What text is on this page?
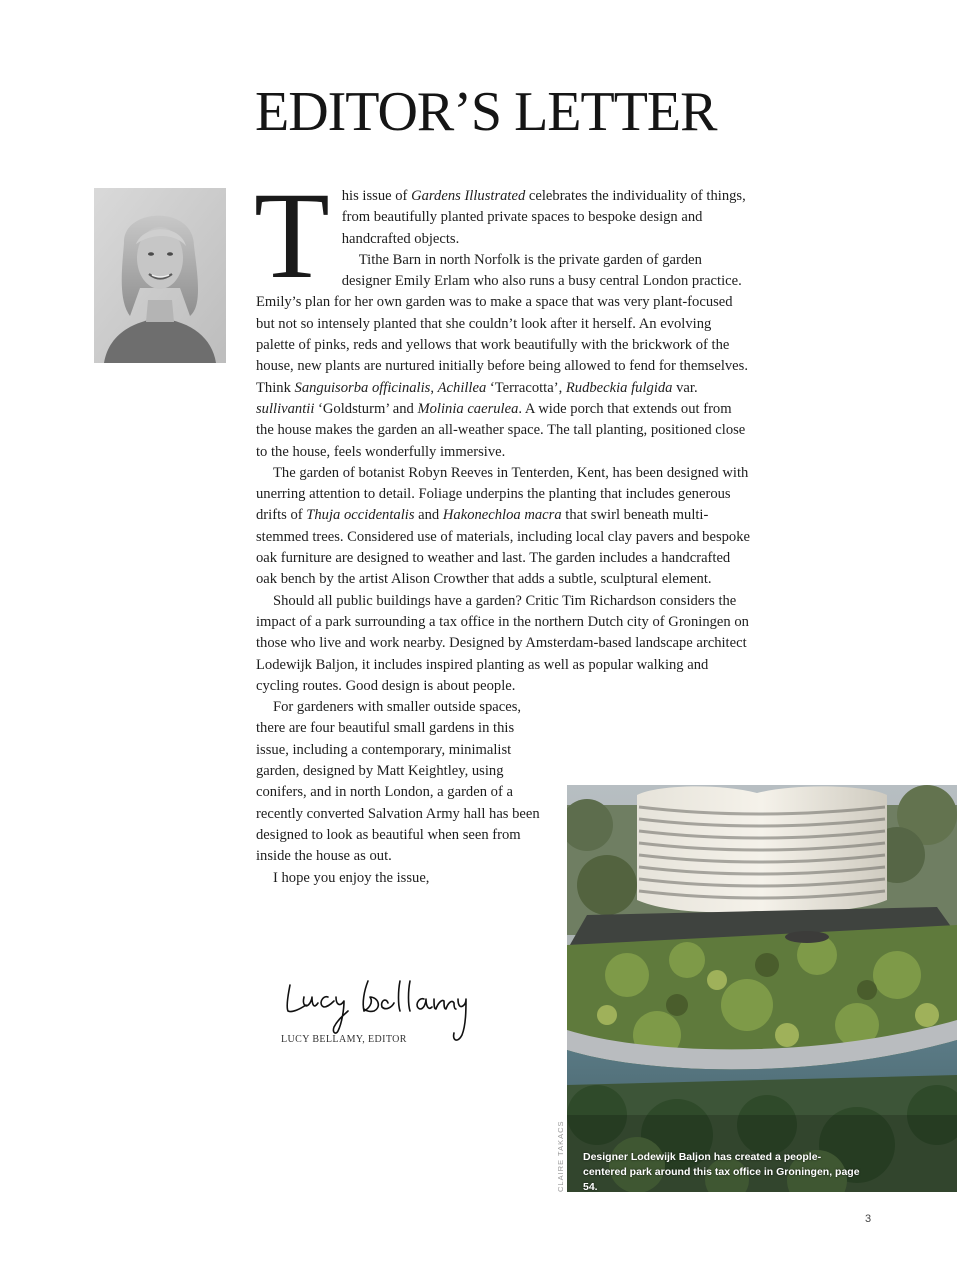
EDITOR’S LETTER

This issue of Gardens Illustrated celebrates the individuality of things, from beautifully planted private spaces to bespoke design and handcrafted objects.

Tithe Barn in north Norfolk is the private garden of garden designer Emily Erlam who also runs a busy central London practice. Emily’s plan for her own garden was to make a space that was very plant-focused but not so intensely planted that she couldn’t look after it herself. An evolving palette of pinks, reds and yellows that work beautifully with the brickwork of the house, new plants are nurtured initially before being allowed to fend for themselves. Think Sanguisorba officinalis, Achillea ‘Terracotta’, Rudbeckia fulgida var. sullivantii ‘Goldsturm’ and Molinia caerulea. A wide porch that extends out from the house makes the garden an all-weather space. The tall planting, positioned close to the house, feels wonderfully immersive.

The garden of botanist Robyn Reeves in Tenterden, Kent, has been designed with unerring attention to detail. Foliage underpins the planting that includes generous drifts of Thuja occidentalis and Hakonechloa macra that swirl beneath multi-stemmed trees. Considered use of materials, including local clay pavers and bespoke oak furniture are designed to weather and last. The garden includes a handcrafted oak bench by the artist Alison Crowther that adds a subtle, sculptural element.

Should all public buildings have a garden? Critic Tim Richardson considers the impact of a park surrounding a tax office in the northern Dutch city of Groningen on those who live and work nearby. Designed by Amsterdam-based landscape architect Lodewijk Baljon, it includes inspired planting as well as popular walking and cycling routes. Good design is about people.

For gardeners with smaller outside spaces, there are four beautiful small gardens in this issue, including a contemporary, minimalist garden, designed by Matt Keightley, using conifers, and in north London, a garden of a recently converted Salvation Army hall has been designed to look as beautiful when seen from inside the house as out.

I hope you enjoy the issue,

LUCY BELLAMY, EDITOR
Designer Lodewijk Baljon has created a people-centered park around this tax office in Groningen, page 54.
CLAIRE TAKACS
3
